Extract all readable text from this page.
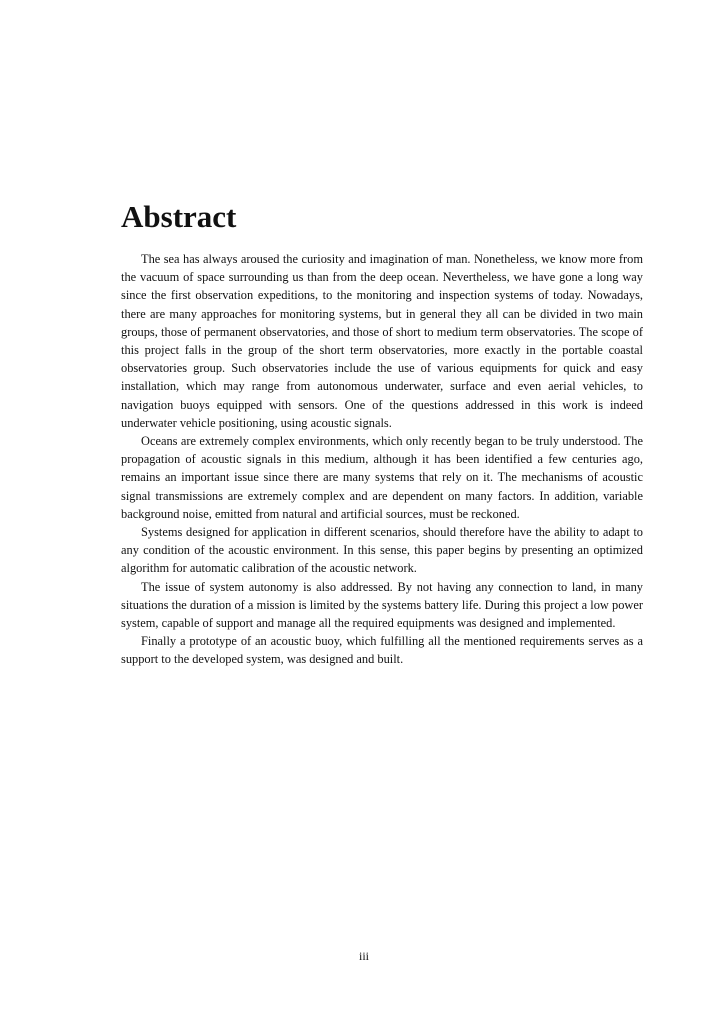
Abstract

The sea has always aroused the curiosity and imagination of man. Nonetheless, we know more from the vacuum of space surrounding us than from the deep ocean. Nevertheless, we have gone a long way since the first observation expeditions, to the monitoring and inspection systems of today. Nowadays, there are many approaches for monitoring systems, but in general they all can be divided in two main groups, those of permanent observatories, and those of short to medium term observatories. The scope of this project falls in the group of the short term observatories, more exactly in the portable coastal observatories group. Such observatories include the use of various equipments for quick and easy installation, which may range from autonomous underwater, surface and even aerial vehicles, to navigation buoys equipped with sensors. One of the questions addressed in this work is indeed underwater vehicle positioning, using acoustic signals.

Oceans are extremely complex environments, which only recently began to be truly understood. The propagation of acoustic signals in this medium, although it has been identified a few centuries ago, remains an important issue since there are many systems that rely on it. The mechanisms of acoustic signal transmissions are extremely complex and are dependent on many factors. In addition, variable background noise, emitted from natural and artificial sources, must be reckoned.

Systems designed for application in different scenarios, should therefore have the ability to adapt to any condition of the acoustic environment. In this sense, this paper begins by presenting an optimized algorithm for automatic calibration of the acoustic network.

The issue of system autonomy is also addressed. By not having any connection to land, in many situations the duration of a mission is limited by the systems battery life. During this project a low power system, capable of support and manage all the required equipments was designed and implemented.

Finally a prototype of an acoustic buoy, which fulfilling all the mentioned requirements serves as a support to the developed system, was designed and built.

iii
